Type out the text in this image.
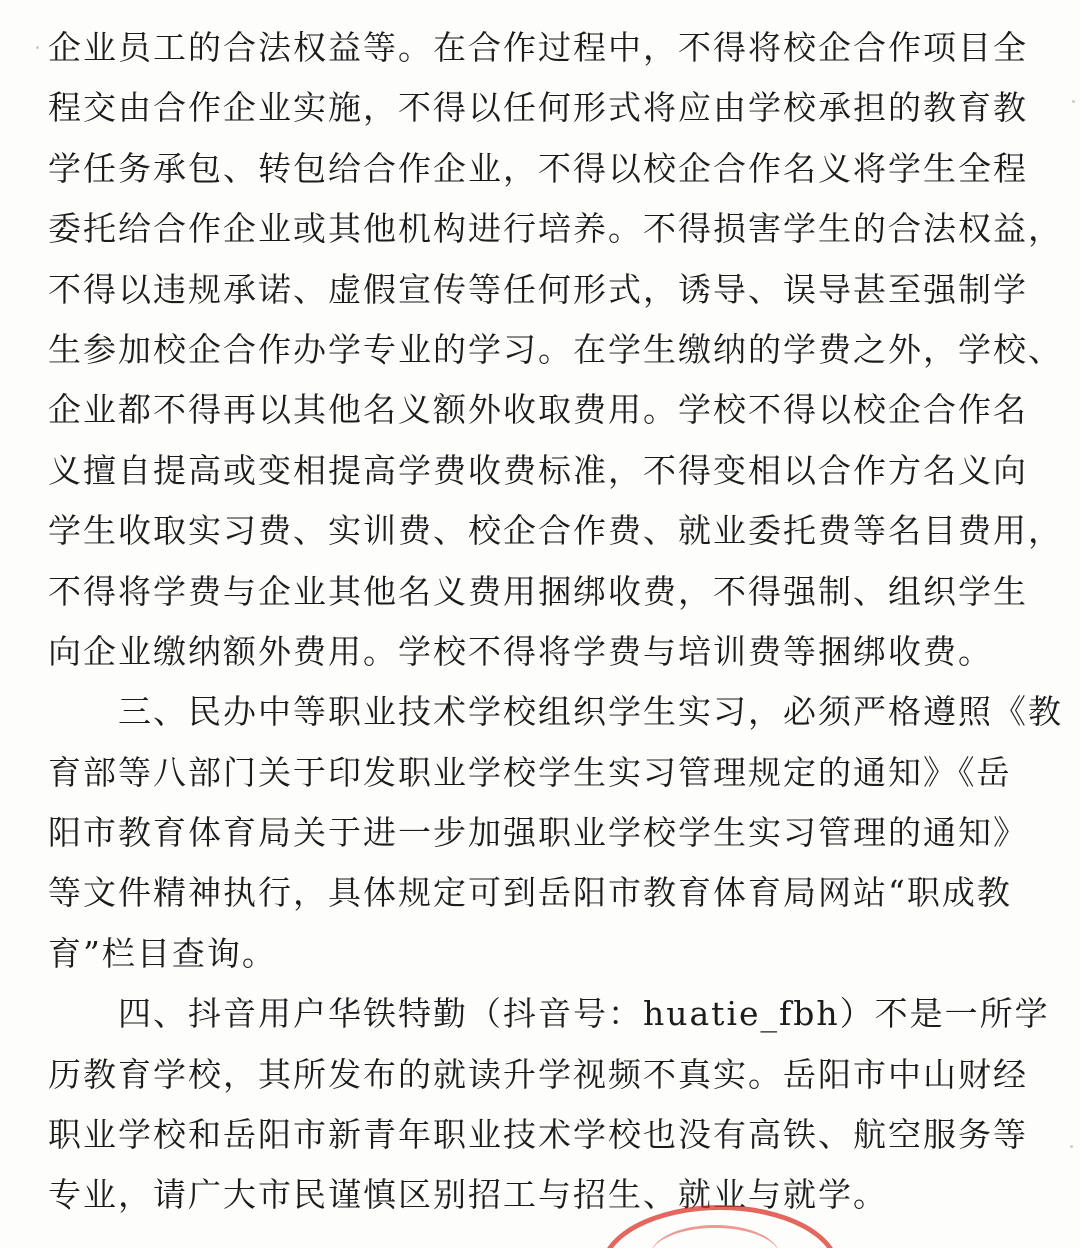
企业员工的合法权益等。在合作过程中，不得将校企合作项目全
程交由合作企业实施，不得以任何形式将应由学校承担的教育教
学任务承包、转包给合作企业，不得以校企合作名义将学生全程
委托给合作企业或其他机构进行培养。不得损害学生的合法权益，
不得以违规承诺、虚假宣传等任何形式，诱导、误导甚至强制学
生参加校企合作办学专业的学习。在学生缴纳的学费之外，学校、
企业都不得再以其他名义额外收取费用。学校不得以校企合作名
义擅自提高或变相提高学费收费标准，不得变相以合作方名义向
学生收取实习费、实训费、校企合作费、就业委托费等名目费用，
不得将学费与企业其他名义费用捆绑收费，不得强制、组织学生
向企业缴纳额外费用。学校不得将学费与培训费等捆绑收费。
　　三、民办中等职业技术学校组织学生实习，必须严格遵照《教
育部等八部门关于印发职业学校学生实习管理规定的通知》《岳
阳市教育体育局关于进一步加强职业学校学生实习管理的通知》
等文件精神执行，具体规定可到岳阳市教育体育局网站“职成教
育”栏目查询。
　　四、抖音用户华铁特勤（抖音号：huatie_fbh）不是一所学
历教育学校，其所发布的就读升学视频不真实。岳阳市中山财经
职业学校和岳阳市新青年职业技术学校也没有高铁、航空服务等
专业，请广大市民谨慎区别招工与招生、就业与就学。
